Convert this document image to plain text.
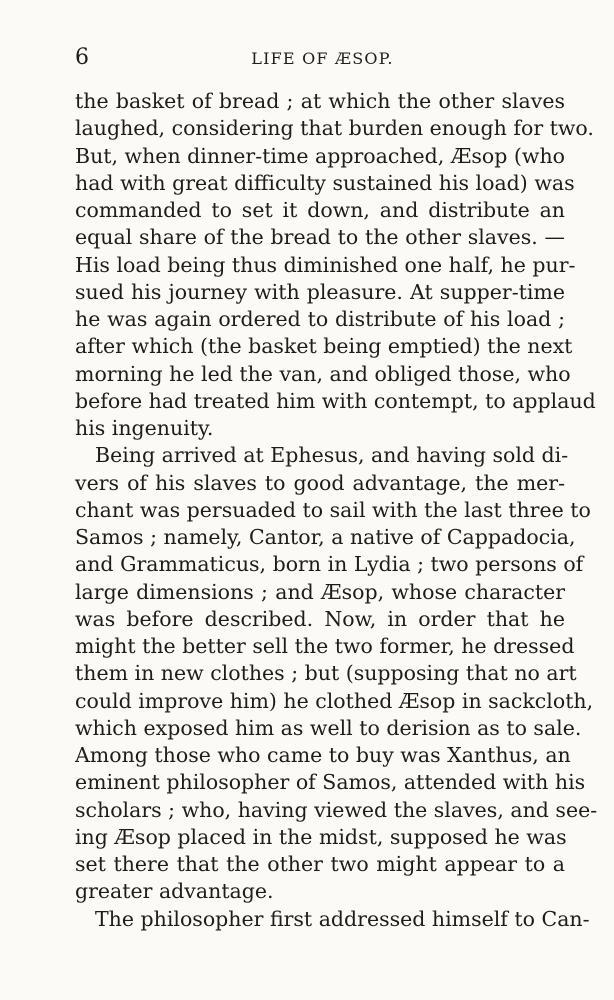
6	LIFE OF ÆSOP.
the basket of bread ; at which the other slaves
laughed, considering that burden enough for two.
But, when dinner-time approached, Æsop (who
had with great difficulty sustained his load) was
commanded to set it down, and distribute an
equal share of the bread to the other slaves. —
His load being thus diminished one half, he pur-
sued his journey with pleasure. At supper-time
he was again ordered to distribute of his load ;
after which (the basket being emptied) the next
morning he led the van, and obliged those, who
before had treated him with contempt, to applaud
his ingenuity.
Being arrived at Ephesus, and having sold di-
vers of his slaves to good advantage, the mer-
chant was persuaded to sail with the last three to
Samos ; namely, Cantor, a native of Cappadocia,
and Grammaticus, born in Lydia ; two persons of
large dimensions ; and Æsop, whose character
was before described. Now, in order that he
might the better sell the two former, he dressed
them in new clothes ; but (supposing that no art
could improve him) he clothed Æsop in sackcloth,
which exposed him as well to derision as to sale.
Among those who came to buy was Xanthus, an
eminent philosopher of Samos, attended with his
scholars ; who, having viewed the slaves, and see-
ing Æsop placed in the midst, supposed he was
set there that the other two might appear to a
greater advantage.
The philosopher first addressed himself to Can-
